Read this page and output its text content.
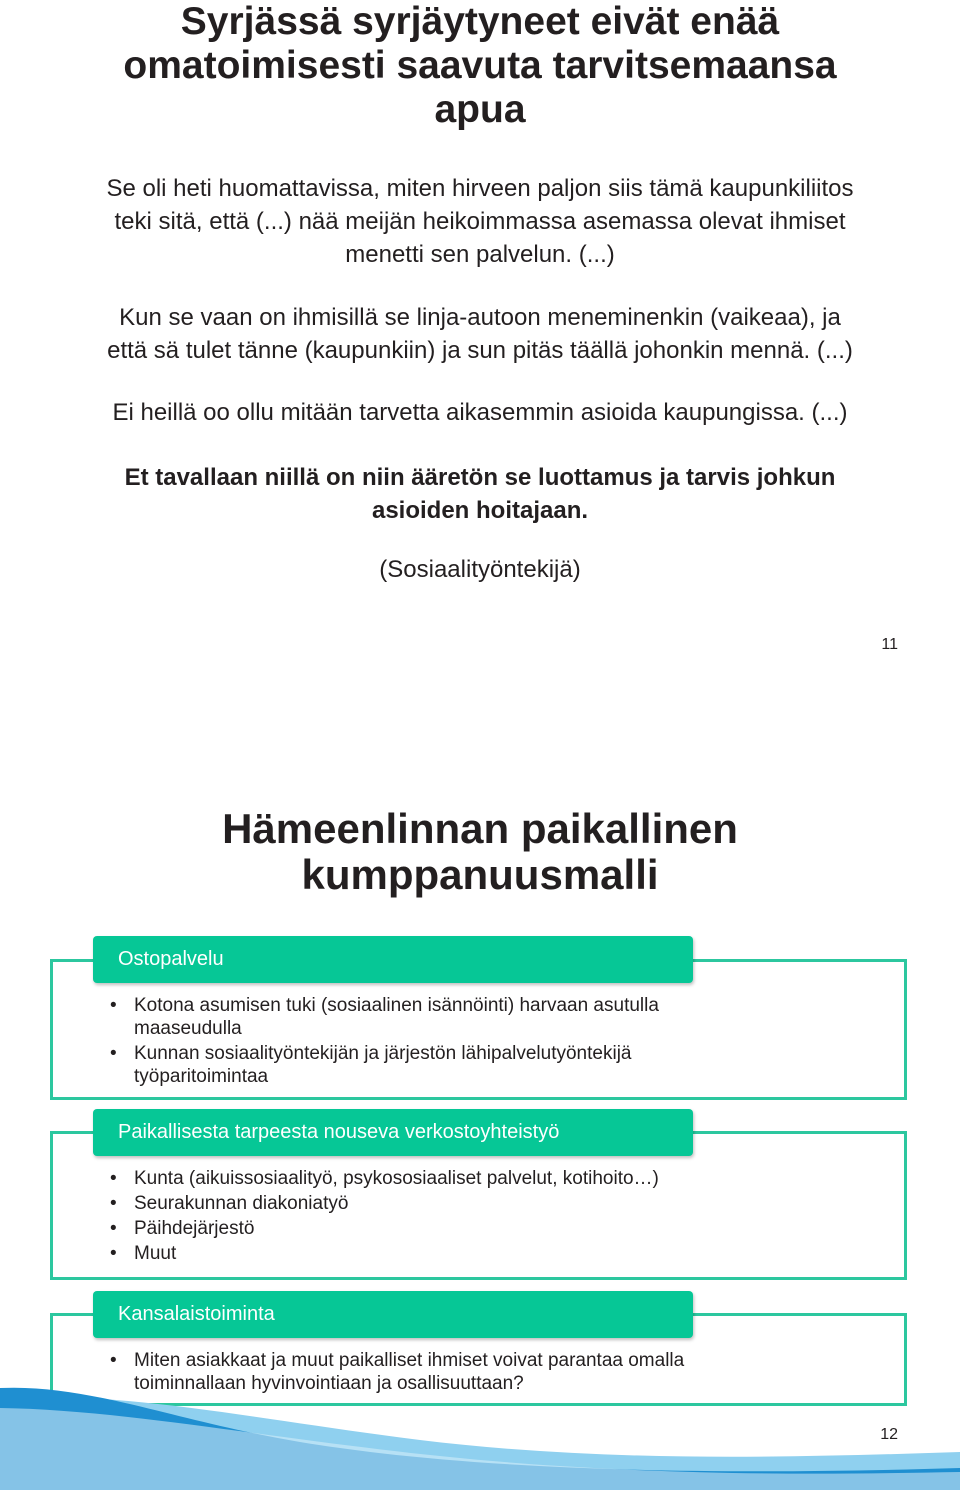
Syrjässä syrjäytyneet eivät enää
omatoimisesti saavuta tarvitsemaansa
apua
Se oli heti huomattavissa, miten hirveen paljon siis tämä kaupunkiliitos
teki sitä, että (...) nää meijän heikoimmassa asemassa olevat ihmiset
menetti sen palvelun. (...)
Kun se vaan on ihmisillä se linja-autoon meneminenkin (vaikeaa), ja
että sä tulet tänne (kaupunkiin) ja sun pitäs täällä johonkin mennä. (...)
Ei heillä oo ollu mitään tarvetta aikasemmin asioida kaupungissa. (...)
Et tavallaan niillä on niin ääretön se luottamus ja tarvis johkun
asioiden hoitajaan.
(Sosiaalityöntekijä)
11
Hämeenlinnan paikallinen
kumppanuusmalli
Ostopalvelu
• Kotona asumisen tuki (sosiaalinen isännöinti) harvaan asutulla
maaseudulla
• Kunnan sosiaalityöntekijän ja järjestön lähipalvelutyöntekijä
työparitoimintaa
Paikallisesta tarpeesta nouseva verkostoyhteistyö
• Kunta (aikuissosiaalityö, psykososiaaliset palvelut, kotihoito…)
• Seurakunnan diakoniatyö
• Päihdejärjestö
• Muut
Kansalaistoiminta
• Miten asiakkaat ja muut paikalliset ihmiset voivat parantaa omalla
toiminnallaan hyvinvointiaan ja osallisuuttaan?
12
